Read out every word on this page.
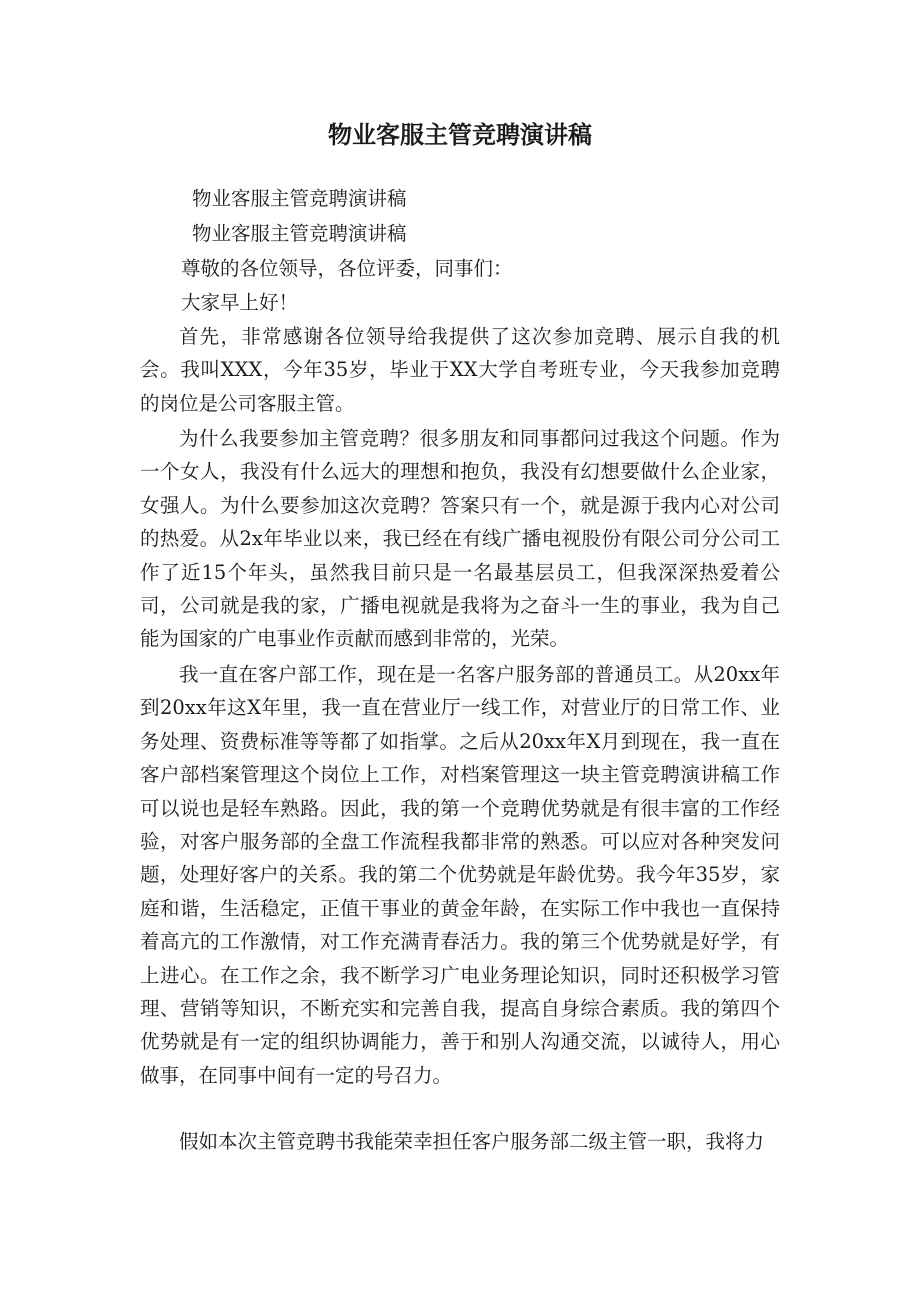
物业客服主管竞聘演讲稿

物业客服主管竞聘演讲稿

物业客服主管竞聘演讲稿

尊敬的各位领导，各位评委，同事们：

大家早上好！

首先，非常感谢各位领导给我提供了这次参加竞聘、展示自我的机会。我叫XXX，今年35岁，毕业于XX大学自考班专业，今天我参加竞聘的岗位是公司客服主管。

为什么我要参加主管竞聘？很多朋友和同事都问过我这个问题。作为一个女人，我没有什么远大的理想和抱负，我没有幻想要做什么企业家，女强人。为什么要参加这次竞聘？答案只有一个，就是源于我内心对公司的热爱。从2x年毕业以来，我已经在有线广播电视股份有限公司分公司工作了近15个年头，虽然我目前只是一名最基层员工，但我深深热爱着公司，公司就是我的家，广播电视就是我将为之奋斗一生的事业，我为自己能为国家的广电事业作贡献而感到非常的，光荣。

我一直在客户部工作，现在是一名客户服务部的普通员工。从20xx年到20xx年这X年里，我一直在营业厅一线工作，对营业厅的日常工作、业务处理、资费标准等等都了如指掌。之后从20xx年X月到现在，我一直在客户部档案管理这个岗位上工作，对档案管理这一块主管竞聘演讲稿工作可以说也是轻车熟路。因此，我的第一个竞聘优势就是有很丰富的工作经验，对客户服务部的全盘工作流程我都非常的熟悉。可以应对各种突发问题，处理好客户的关系。我的第二个优势就是年龄优势。我今年35岁，家庭和谐，生活稳定，正值干事业的黄金年龄，在实际工作中我也一直保持着高亢的工作激情，对工作充满青春活力。我的第三个优势就是好学，有上进心。在工作之余，我不断学习广电业务理论知识，同时还积极学习管理、营销等知识，不断充实和完善自我，提高自身综合素质。我的第四个优势就是有一定的组织协调能力，善于和别人沟通交流，以诚待人，用心做事，在同事中间有一定的号召力。

假如本次主管竞聘书我能荣幸担任客户服务部二级主管一职，我将力
